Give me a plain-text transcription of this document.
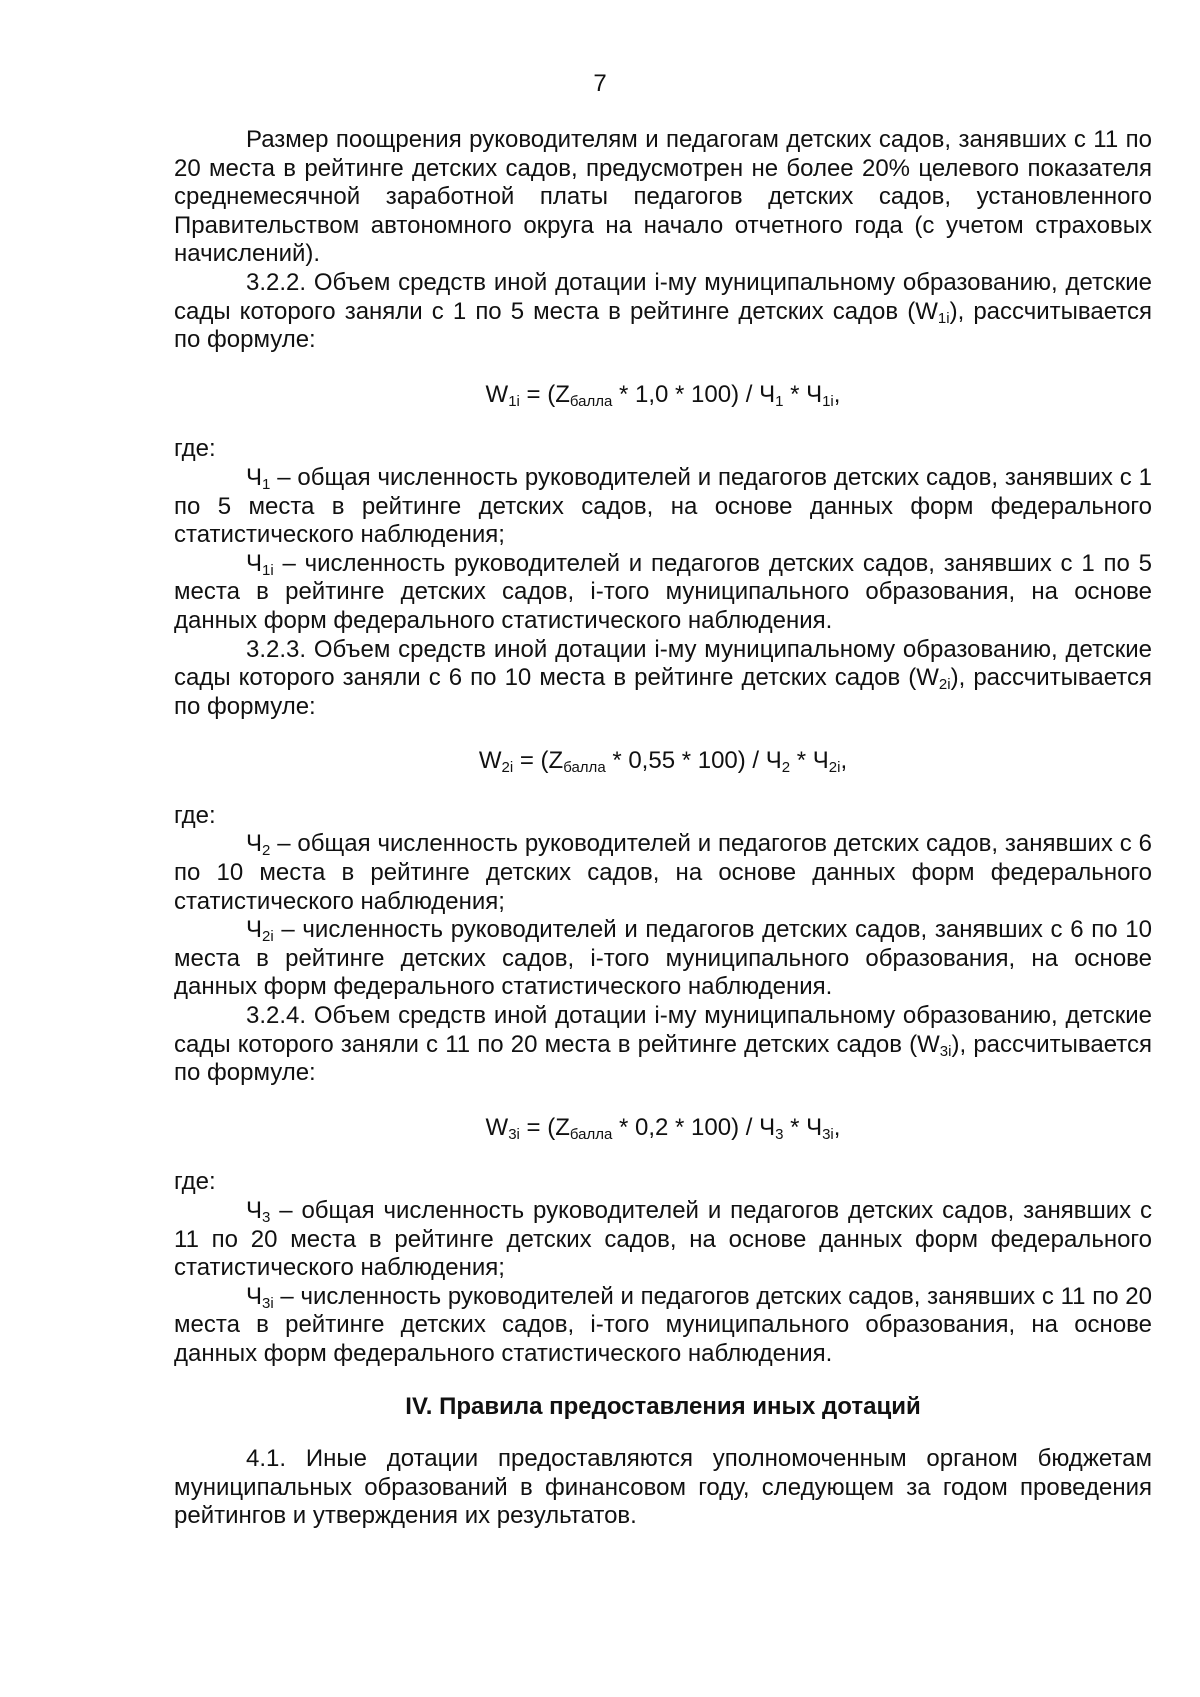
7

Размер поощрения руководителям и педагогам детских садов, занявших с 11 по 20 места в рейтинге детских садов, предусмотрен не более 20% целевого показателя среднемесячной заработной платы педагогов детских садов, установленного Правительством автономного округа на начало отчетного года (с учетом страховых начислений).

3.2.2. Объем средств иной дотации i-му муниципальному образованию, детские сады которого заняли с 1 по 5 места в рейтинге детских садов $(W_{1i})$, рассчитывается по формуле:

$W_{1i} = (Z_{балла} * 1,0 * 100) / Ч_1 * Ч_{1i}$,

где:

$Ч_1$ – общая численность руководителей и педагогов детских садов, занявших с 1 по 5 места в рейтинге детских садов, на основе данных форм федерального статистического наблюдения;

$Ч_{1i}$ – численность руководителей и педагогов детских садов, занявших с 1 по 5 места в рейтинге детских садов, i-того муниципального образования, на основе данных форм федерального статистического наблюдения.

3.2.3. Объем средств иной дотации i-му муниципальному образованию, детские сады которого заняли с 6 по 10 места в рейтинге детских садов $(W_{2i})$, рассчитывается по формуле:

$W_{2i} = (Z_{балла} * 0,55 * 100) / Ч_2 * Ч_{2i}$,

где:

$Ч_2$ – общая численность руководителей и педагогов детских садов, занявших с 6 по 10 места в рейтинге детских садов, на основе данных форм федерального статистического наблюдения;

$Ч_{2i}$ – численность руководителей и педагогов детских садов, занявших с 6 по 10 места в рейтинге детских садов, i-того муниципального образования, на основе данных форм федерального статистического наблюдения.

3.2.4. Объем средств иной дотации i-му муниципальному образованию, детские сады которого заняли с 11 по 20 места в рейтинге детских садов $(W_{3i})$, рассчитывается по формуле:

$W_{3i} = (Z_{балла} * 0,2 * 100) / Ч_3 * Ч_{3i}$,

где:

$Ч_3$ – общая численность руководителей и педагогов детских садов, занявших с 11 по 20 места в рейтинге детских садов, на основе данных форм федерального статистического наблюдения;

$Ч_{3i}$ – численность руководителей и педагогов детских садов, занявших с 11 по 20 места в рейтинге детских садов, i-того муниципального образования, на основе данных форм федерального статистического наблюдения.

IV. Правила предоставления иных дотаций

4.1. Иные дотации предоставляются уполномоченным органом бюджетам муниципальных образований в финансовом году, следующем за годом проведения рейтингов и утверждения их результатов.
